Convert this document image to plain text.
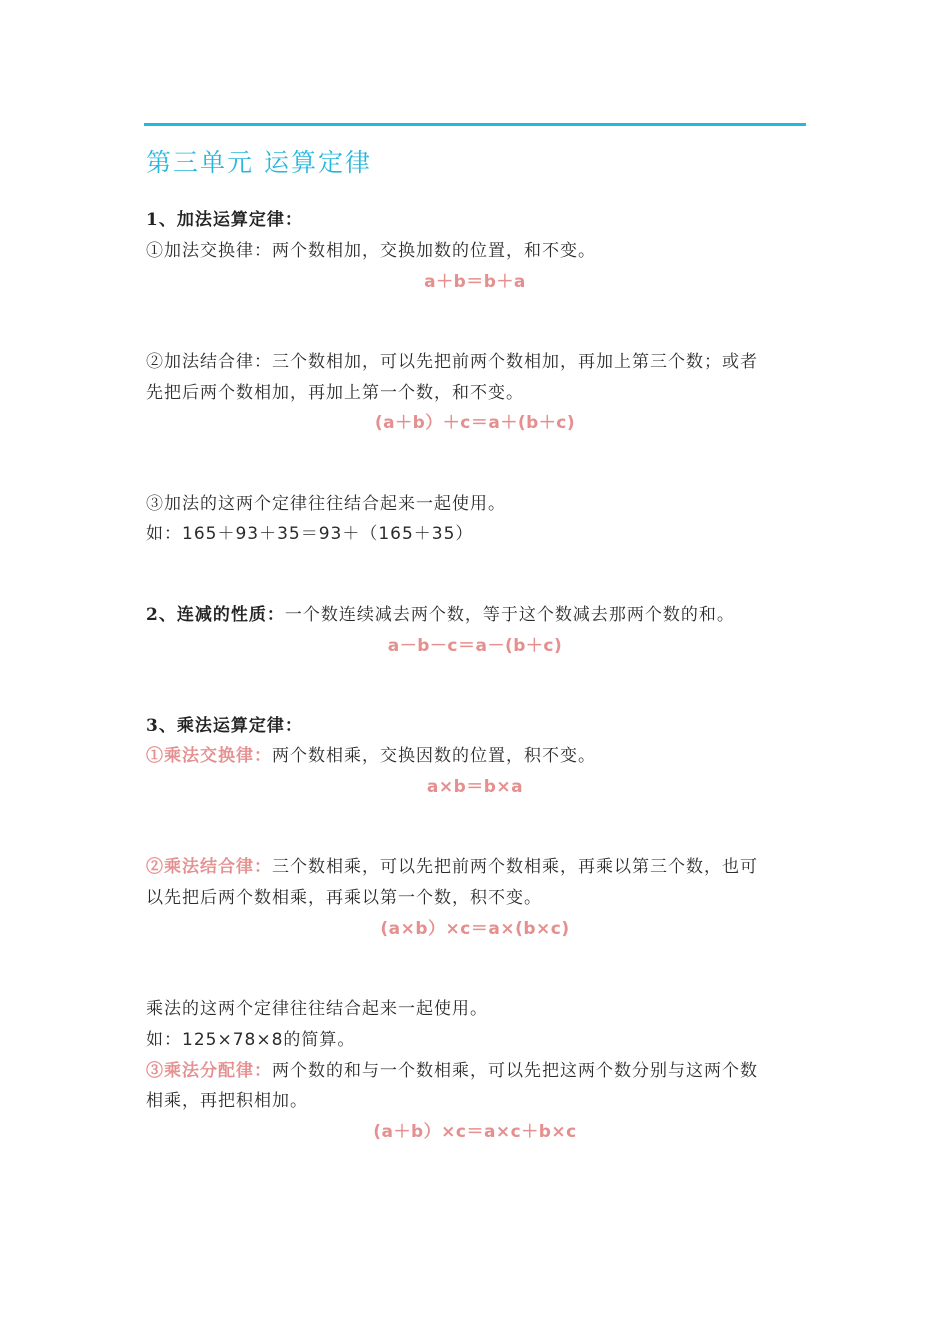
第三单元 运算定律
1、加法运算定律：
①加法交换律：两个数相加，交换加数的位置，和不变。
a＋b＝b＋a
②加法结合律：三个数相加，可以先把前两个数相加，再加上第三个数；或者
先把后两个数相加，再加上第一个数，和不变。
(a＋b）＋c＝a＋(b＋c)
③加法的这两个定律往往结合起来一起使用。
如：165＋93＋35＝93＋（165＋35）
2、连减的性质：一个数连续减去两个数，等于这个数减去那两个数的和。
a－b－c＝a－(b＋c)
3、乘法运算定律：
①乘法交换律：两个数相乘，交换因数的位置，积不变。
a×b＝b×a
②乘法结合律：三个数相乘，可以先把前两个数相乘，再乘以第三个数，也可
以先把后两个数相乘，再乘以第一个数，积不变。
(a×b）×c＝a×(b×c)
乘法的这两个定律往往结合起来一起使用。
如：125×78×8的简算。
③乘法分配律：两个数的和与一个数相乘，可以先把这两个数分别与这两个数
相乘，再把积相加。
(a＋b）×c＝a×c＋b×c
